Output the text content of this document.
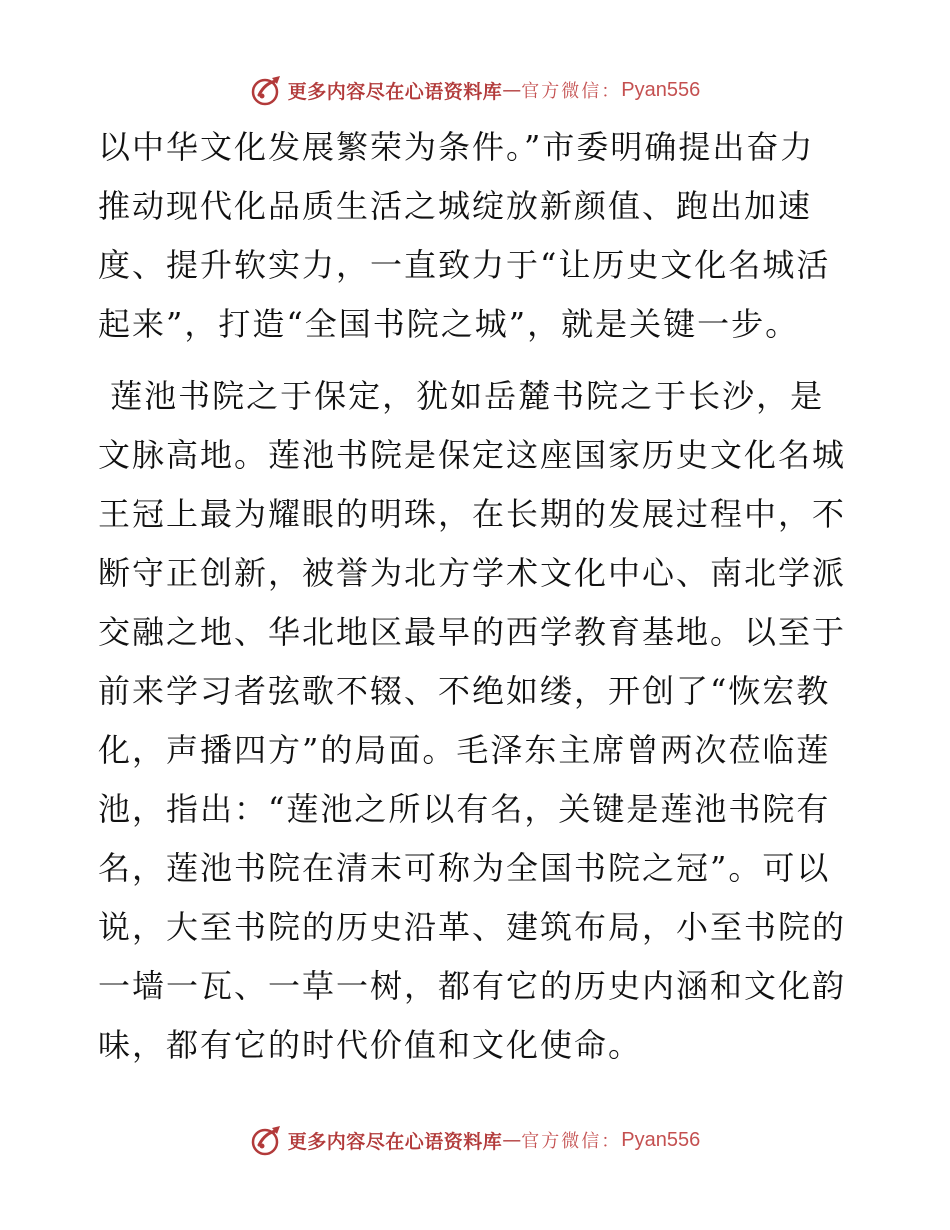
更多内容尽在心语资料库 — 官方微信： Pyan556

以中华文化发展繁荣为条件。”市委明确提出奋力

推动现代化品质生活之城绽放新颜值、跑出加速

度、提升软实力，一直致力于“让历史文化名城活

起来”，打造“全国书院之城”，就是关键一步。

莲池书院之于保定，犹如岳麓书院之于长沙，是

文脉高地。莲池书院是保定这座国家历史文化名城

王冠上最为耀眼的明珠，在长期的发展过程中，不

断守正创新，被誉为北方学术文化中心、南北学派

交融之地、华北地区最早的西学教育基地。以至于

前来学习者弦歌不辍、不绝如缕，开创了“恢宏教

化，声播四方”的局面。毛泽东主席曾两次莅临莲

池，指出：“莲池之所以有名，关键是莲池书院有

名，莲池书院在清末可称为全国书院之冠”。可以

说，大至书院的历史沿革、建筑布局，小至书院的

一墙一瓦、一草一树，都有它的历史内涵和文化韵

味，都有它的时代价值和文化使命。

更多内容尽在心语资料库 — 官方微信： Pyan556
